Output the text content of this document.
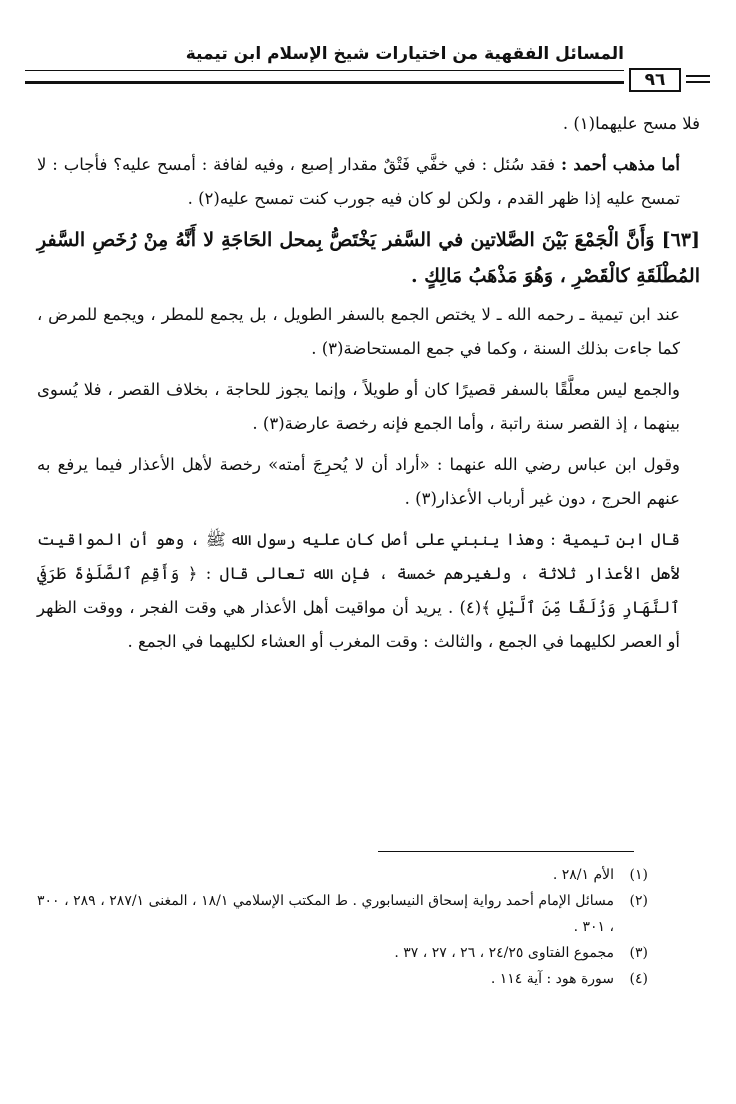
المسائل الفقهية من اختيارات شيخ الإسلام ابن تيمية
٩٦

فلا مسح عليهما(١) .

أما مذهب أحمد : فقد سُئل : في خفَّي فَتْقٌ مقدار إصبع ، وفيه لفافة : أمسح عليه؟ فأجاب : لا تمسح عليه إذا ظهر القدم ، ولكن لو كان فيه جورب كنت تمسح عليه(٢) .

[٦٣] وَأَنَّ الْجَمْعَ بَيْنَ الصَّلاتين في السَّفر يَخْتَصُّ بِمحل الحَاجَةِ لا أَنَّهُ مِنْ رُخَصِ السَّفرِ المُطْلَقَةِ كالْقَصْرِ ، وَهُوَ مَذْهَبُ مَالِكٍ .

عند ابن تيمية ـ رحمه الله ـ لا يختص الجمع بالسفر الطويل ، بل يجمع للمطر ، ويجمع للمرض ، كما جاءت بذلك السنة ، وكما في جمع المستحاضة(٣) .

والجمع ليس معلَّقًا بالسفر قصيرًا كان أو طويلاً ، وإنما يجوز للحاجة ، بخلاف القصر ، فلا يُسوى بينهما ، إذ القصر سنة راتبة ، وأما الجمع فإنه رخصة عارضة(٣) .

وقول ابن عباس رضي الله عنهما : «أراد أن لا يُحرِجَ أمته» رخصة لأهل الأعذار فيما يرفع به عنهم الحرج ، دون غير أرباب الأعذار(٣) .

قال ابن تيمية : وهذا ينبني على أصل كان عليه رسول الله ﷺ ، وهو أن المواقيت لأهل الأعذار ثلاثة ، ولغيرهم خمسة ، فإن الله تعالى قال : ﴿ وَأَقِمِ ٱلصَّلَوٰةَ طَرَفَيِ ٱلنَّهَارِ وَزُلَفًا مِّنَ ٱلَّيْلِ ﴾(٤) . يريد أن مواقيت أهل الأعذار هي وقت الفجر ، ووقت الظهر أو العصر لكليهما في الجمع ، والثالث : وقت المغرب أو العشاء لكليهما في الجمع .

(١)
الأم ٢٨/١ .
(٢)
مسائل الإمام أحمد رواية إسحاق النيسابوري . ط المكتب الإسلامي ١٨/١ ، المغنى ٢٨٧/١ ، ٢٨٩ ، ٣٠٠ ، ٣٠١ .
(٣)
مجموع الفتاوى ٢٤/٢٥ ، ٢٦ ، ٢٧ ، ٣٧ .
(٤)
سورة هود : آية ١١٤ .
